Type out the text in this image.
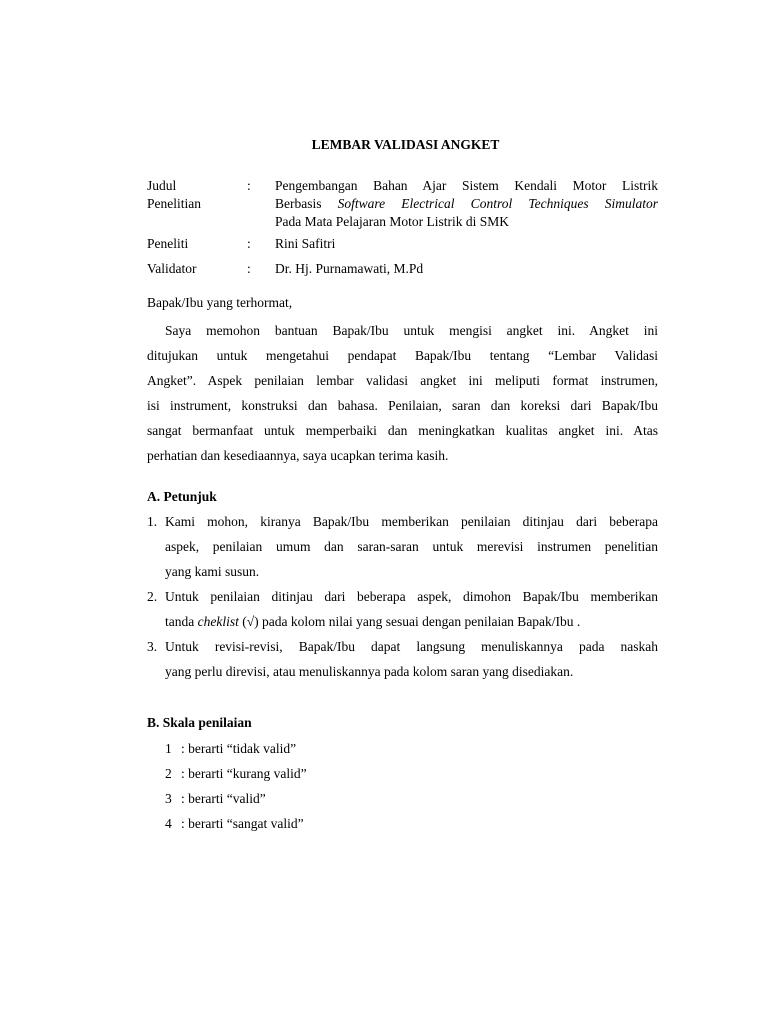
LEMBAR VALIDASI ANGKET
Judul
Penelitian
: Pengembangan Bahan Ajar Sistem Kendali Motor Listrik
Berbasis Software Electrical Control Techniques Simulator
Pada Mata Pelajaran Motor Listrik di SMK
Peneliti	: Rini Safitri
Validator	: Dr. Hj. Purnamawati, M.Pd
Bapak/Ibu yang terhormat,
Saya memohon bantuan Bapak/Ibu untuk mengisi angket ini. Angket ini
ditujukan untuk mengetahui pendapat Bapak/Ibu tentang “Lembar Validasi
Angket”. Aspek penilaian lembar validasi angket ini meliputi format instrumen,
isi instrument, konstruksi dan bahasa. Penilaian, saran dan koreksi dari Bapak/Ibu
sangat bermanfaat untuk memperbaiki dan meningkatkan kualitas angket ini. Atas
perhatian dan kesediaannya, saya ucapkan terima kasih.
A. Petunjuk
1. Kami mohon, kiranya Bapak/Ibu memberikan penilaian ditinjau dari beberapa
aspek, penilaian umum dan saran-saran untuk merevisi instrumen penelitian
yang kami susun.
2. Untuk penilaian ditinjau dari beberapa aspek, dimohon Bapak/Ibu memberikan
tanda cheklist (√) pada kolom nilai yang sesuai dengan penilaian Bapak/Ibu .
3. Untuk revisi-revisi, Bapak/Ibu dapat langsung menuliskannya pada naskah
yang perlu direvisi, atau menuliskannya pada kolom saran yang disediakan.
B. Skala penilaian
1 : berarti “tidak valid”
2 : berarti “kurang valid”
3 : berarti “valid”
4 : berarti “sangat valid”
